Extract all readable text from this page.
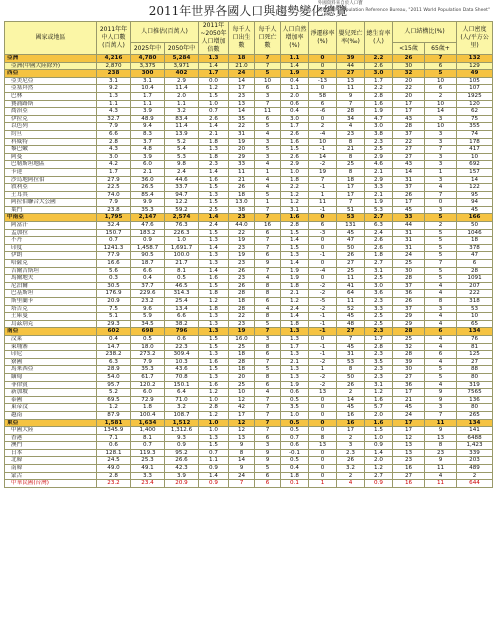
2011年世界各國人口與趨勢變化總覽
外國資料來自於人口寶
資料來源：Population Reference Bureau, "2011 World Population Data Sheet"
國家或地區	2011年年中人口數(百萬人)	人口推估(百萬人)		2011年~2050年人口增加倍數	每千人口出生數	每千人口死亡數	人口自然增加率(%)	淨遷移率(%)	嬰兒死亡率(‰)	總生育率(人)	人口結構比(%)		人口密度(人/平方公里)
		2025年中	2050年中								<15歲	65歲+	
亞洲	4,216	4,780	5,284	1.3	18	7	1.1	0	39	2.2	26	7	132
亞洲(中國大陸除外)	2,870	3,375	3,971	1.4	21.0	7	1.4	0	44	2.6	30	6	129
西亞	238	300	402	1.7	24	5	1.9	2	27	3.0	32	5	49
亞美尼亞	3.1	3.1	2.9	0.0	14	10	0.4	-13	13	1.7	20	10	105
亞塞拜然	9.2	10.4	11.4	1.2	17	6	1.1	0	11	2.2	22	6	107
巴林	1.3	1.7	2.0	1.5	23	3	2.0	58	9	2.8	20	2	1925
賽浦路斯	1.1	1.1	1.1	1.0	13	7	0.6	6	7	1.6	17	10	120
喬治亞	4.3	3.9	3.2	0.7	14	11	0.4	-6	28	1.9	17	14	62
伊拉克	32.7	48.9	83.4	2.6	35	6	3.0	0	34	4.7	43	3	75
以色列	7.9	9.4	11.4	1.4	22	5	1.7	2	4	3.0	28	10	355
約旦	6.6	8.3	13.9	2.1	31	4	2.6	-4	23	3.8	37	3	74
科威特	2.8	3.7	5.2	1.8	19	3	1.6	10	8	2.3	22	3	178
黎巴嫩	4.3	4.8	5.4	1.3	20	5	1.5	-1	21	2.5	27	7	417
阿曼	3.0	3.9	5.3	1.8	29	3	2.6	14	8	2.9	27	3	10
巴勒斯坦地區	4.2	6.0	9.8	2.3	33	4	2.9	-2	25	4.6	43	3	692
卡達	1.7	2.1	2.4	1.4	11	1	1.0	19	8	2.1	14	1	157
沙烏地阿拉伯	27.9	36.0	44.6	1.6	21	4	1.8	7	18	2.9	31	3	14
敘利亞	22.5	26.5	33.7	1.5	26	4	2.2	-1	17	3.3	37	4	122
土耳其	74.0	85.4	94.7	1.3	18	5	1.2	1	17	2.1	26	7	95
阿拉伯聯合大公國	7.9	9.9	12.2	1.5	13.0	1	1.2	11	7	1.9	17	0	94
葉門	23.8	35.3	59.2	2.5	38	7	3.1	-1	51	5.3	45	3	45
中南亞	1,795	2,147	2,574	1.4	23	7	1.6	0	53	2.7	33	5	166
阿富汗	32.4	47.6	76.3	2.4	44.0	16	2.8	6	131	6.3	44	2	50
孟加拉	150.7	183.2	226.3	1.5	22	6	1.5	-3	45	2.4	31	5	1046
不丹	0.7	0.9	1.0	1.3	19	7	1.4	0	47	2.6	31	5	18
印度	1241.3	1,458.7	1,691.7	1.4	23	7	1.5	0	50	2.6	31	5	378
伊朗	77.9	90.5	100.0	1.3	19	6	1.3	-1	26	1.8	24	5	47
哈薩克	16.6	18.7	21.7	1.3	23	9	1.4	0	27	2.7	25	7	6
吉爾吉斯坦	5.6	6.6	8.1	1.4	26	7	1.9	-4	25	3.1	30	5	28
馬爾地夫	0.3	0.4	0.5	1.6	23	4	1.9	0	11	2.5	28	5	1091
尼泊爾	30.5	37.7	46.5	1.5	26	8	1.8	-2	41	3.0	37	4	207
巴基斯坦	176.9	229.6	314.3	1.8	28	8	2.1	-2	64	3.6	36	4	222
斯里蘭卡	20.9	23.2	25.4	1.2	18	6	1.2	-5	11	2.3	26	8	318
塔吉克	7.5	9.6	13.4	1.8	28	4	2.4	-2	52	3.3	37	3	53
土庫曼	5.1	5.9	6.6	1.3	22	8	1.4	-1	45	2.5	29	4	10
烏茲別克	29.3	34.5	38.2	1.3	23	5	1.8	-1	48	2.5	29	4	65
南亞	602	698	796	1.3	19	7	1.3	-1	27	2.3	28	6	134
汶萊	0.4	0.5	0.6	1.5	16.0	3	1.3	0	7	1.7	25	4	76
柬埔寨	14.7	18.0	22.3	1.5	25	8	1.7	-1	45	2.8	32	4	81
印尼	238.2	273.2	309.4	1.3	18	6	1.3	-1	31	2.3	28	6	125
寮國	6.3	7.9	10.3	1.6	28	7	2.1	-2	53	3.5	39	4	27
馬來西亞	28.9	35.3	43.6	1.5	18	5	1.3	1	8	2.3	30	5	88
緬甸	54.0	61.7	70.8	1.3	20	8	1.3	-2	50	2.3	27	5	80
菲律賓	95.7	120.2	150.1	1.6	25	6	1.9	-2	26	3.1	36	4	319
新加坡	5.2	6.0	6.4	1.2	10	4	0.6	13	2	1.2	17	9	7565
泰國	69.5	72.9	71.0	1.0	12	7	0.5	0	14	1.6	21	9	136
東帝汶	1.2	1.8	3.2	2.8	42	7	3.5	0	45	5.7	45	3	80
越南	87.9	100.4	108.7	1.2	17	7	1.0	0	16	2.0	24	7	265
東亞	1,581	1,634	1,512	1.0	12	7	0.5	0	16	1.6	17	11	134
中國大陸	1345.9	1,400	1,312.6	1.0	12	7	0.5	0	17	1.5	17	9	141
香港	7.1	8.1	9.3	1.3	13	6	0.7	8	2	1.0	12	13	6488
澳門	0.6	0.7	0.9	1.5	9	3	0.6	13	3	0.9	13	8	1,423
日本	128.1	119.3	95.2	0.7	8	9	-0.1	0	2.3	1.4	13	23	339
北韓	24.5	25.3	26.6	1.1	14	9	0.5	0	26	2.0	23	9	203
南韓	49.0	49.1	42.3	0.9	9	5	0.4	0	3.2	1.2	16	11	489
蒙古	2.8	3.3	3.9	1.4	24	6	1.8	0	2	2.7	27	4	2
中華民國(台灣)	23.2	23.4	20.9	0.9	7	6	0.1	1	4	0.9	16	11	644
